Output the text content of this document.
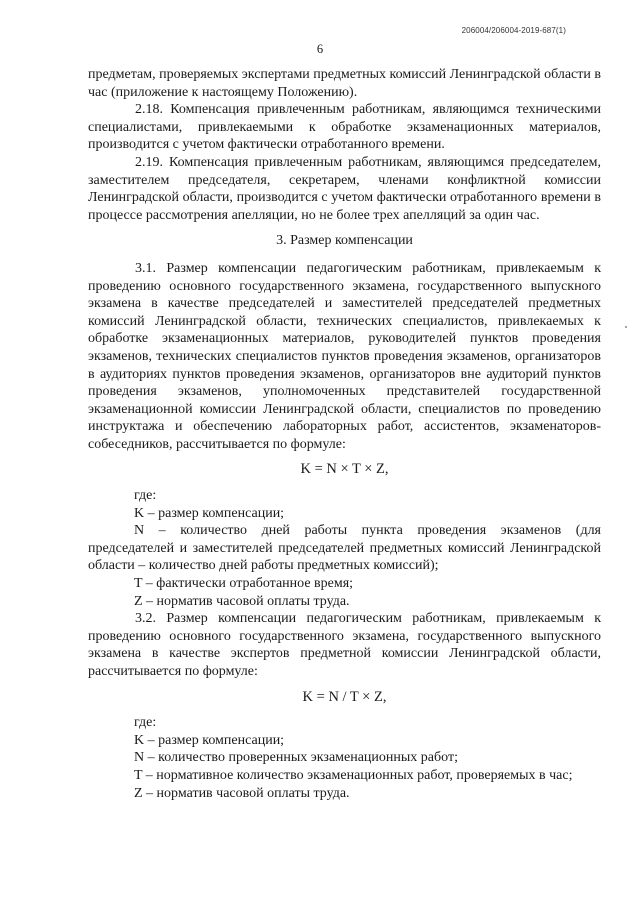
206004/206004-2019-687(1)
6

предметам, проверяемых экспертами предметных комиссий Ленинградской области в час (приложение к настоящему Положению).

2.18. Компенсация привлеченным работникам, являющимся техническими специалистами, привлекаемыми к обработке экзаменационных материалов, производится с учетом фактически отработанного времени.

2.19. Компенсация привлеченным работникам, являющимся председателем, заместителем председателя, секретарем, членами конфликтной комиссии Ленинградской области, производится с учетом фактически отработанного времени в процессе рассмотрения апелляции, но не более трех апелляций за один час.

3. Размер компенсации

3.1. Размер компенсации педагогическим работникам, привлекаемым к проведению основного государственного экзамена, государственного выпускного экзамена в качестве председателей и заместителей председателей предметных комиссий Ленинградской области, технических специалистов, привлекаемых к обработке экзаменационных материалов, руководителей пунктов проведения экзаменов, технических специалистов пунктов проведения экзаменов, организаторов в аудиториях пунктов проведения экзаменов, организаторов вне аудиторий пунктов проведения экзаменов, уполномоченных представителей государственной экзаменационной комиссии Ленинградской области, специалистов по проведению инструктажа и обеспечению лабораторных работ, ассистентов, экзаменаторов-собеседников, рассчитывается по формуле:

K = N × T × Z,

где:

K – размер компенсации;

N – количество дней работы пункта проведения экзаменов (для председателей и заместителей председателей предметных комиссий Ленинградской области – количество дней работы предметных комиссий);

T – фактически отработанное время;

Z – норматив часовой оплаты труда.

3.2. Размер компенсации педагогическим работникам, привлекаемым к проведению основного государственного экзамена, государственного выпускного экзамена в качестве экспертов предметной комиссии Ленинградской области, рассчитывается по формуле:

K = N / T × Z,

где:

K – размер компенсации;

N – количество проверенных экзаменационных работ;

T – нормативное количество экзаменационных работ, проверяемых в час;

Z – норматив часовой оплаты труда.
